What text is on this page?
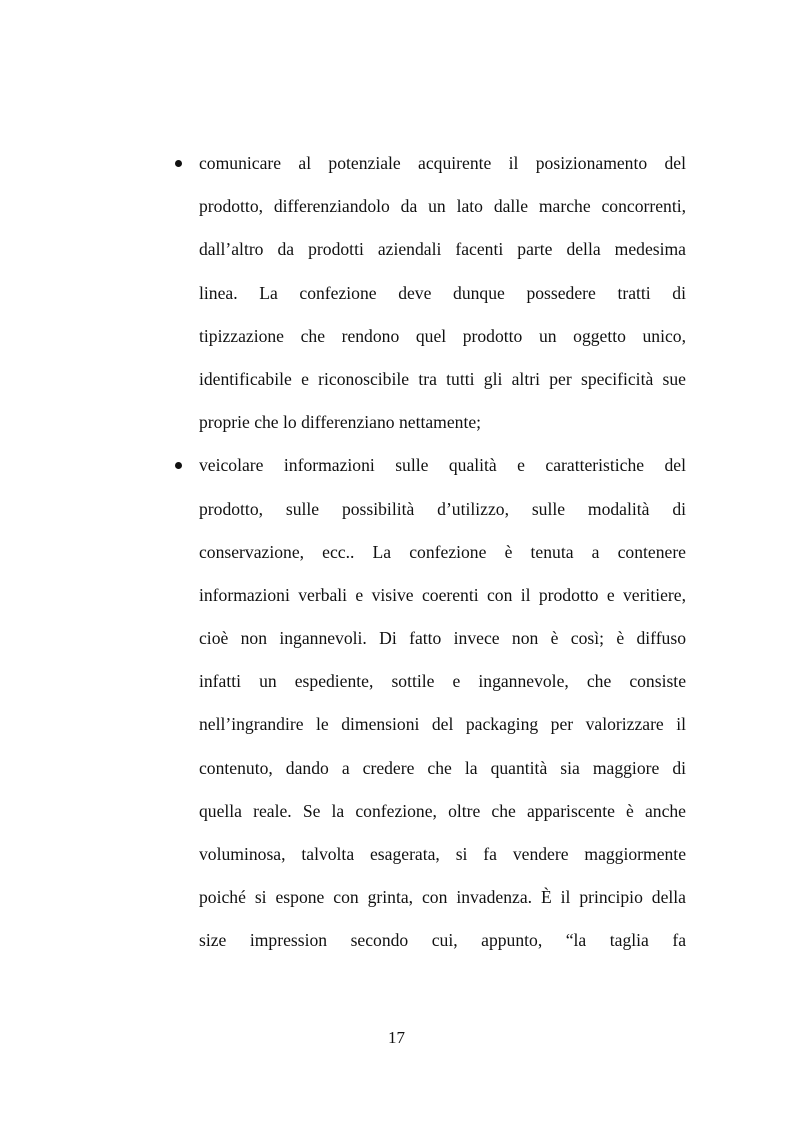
comunicare al potenziale acquirente il posizionamento del
prodotto, differenziandolo da un lato dalle marche concorrenti,
dall’altro da prodotti aziendali facenti parte della medesima
linea. La confezione deve dunque possedere tratti di
tipizzazione che rendono quel prodotto un oggetto unico,
identificabile e riconoscibile tra tutti gli altri per specificità sue
proprie che lo differenziano nettamente;
veicolare informazioni sulle qualità e caratteristiche del
prodotto, sulle possibilità d’utilizzo, sulle modalità di
conservazione, ecc.. La confezione è tenuta a contenere
informazioni verbali e visive coerenti con il prodotto e veritiere,
cioè non ingannevoli. Di fatto invece non è così; è diffuso
infatti un espediente, sottile e ingannevole, che consiste
nell’ingrandire le dimensioni del packaging per valorizzare il
contenuto, dando a credere che la quantità sia maggiore di
quella reale. Se la confezione, oltre che appariscente è anche
voluminosa, talvolta esagerata, si fa vendere maggiormente
poiché si espone con grinta, con invadenza. È il principio della
size impression secondo cui, appunto, “la taglia fa
17
